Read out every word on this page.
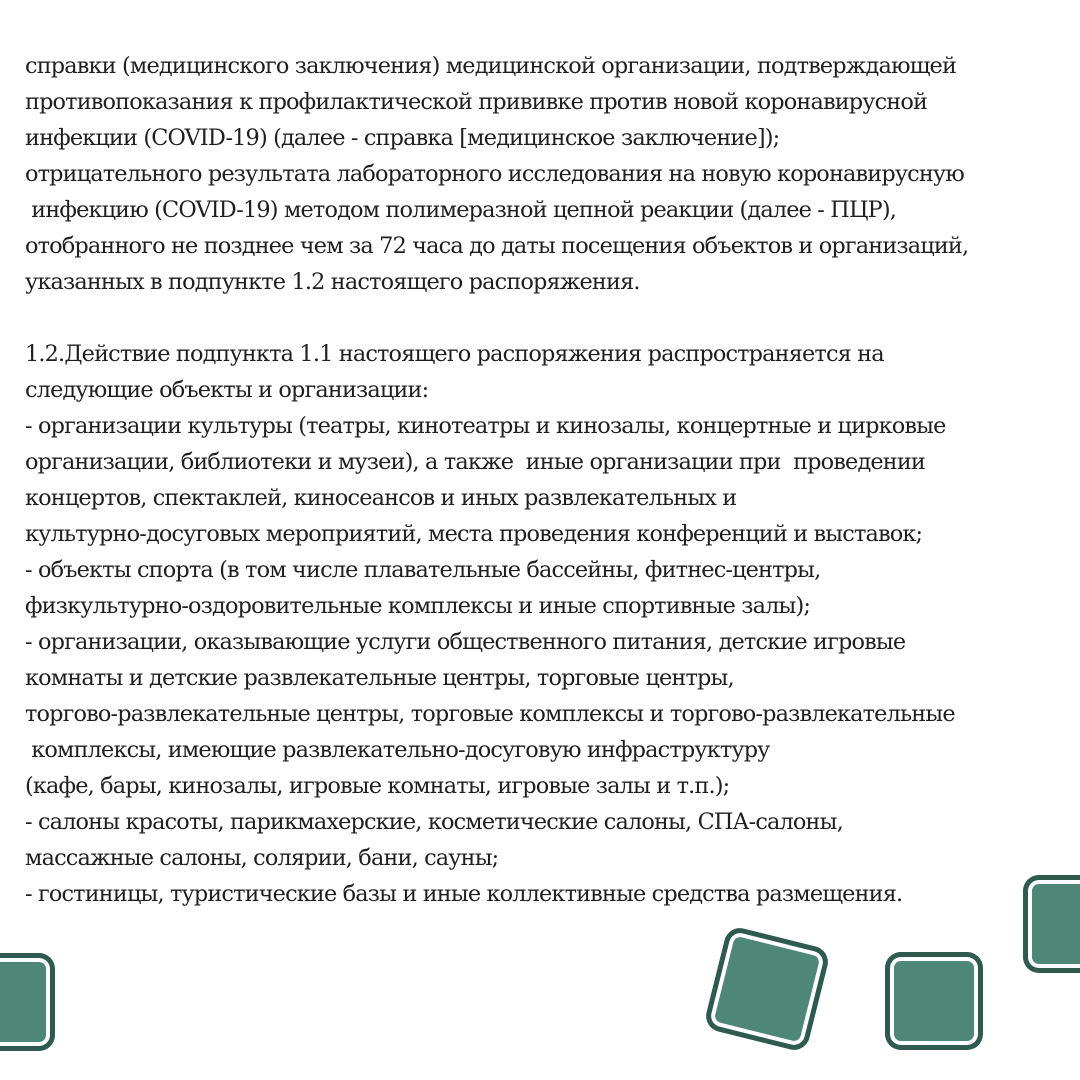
справки (медицинского заключения) медицинской организации, подтверждающей
противопоказания к профилактической прививке против новой коронавирусной
инфекции (COVID-19) (далее - справка [медицинское заключение]);
отрицательного результата лабораторного исследования на новую коронавирусную
инфекцию (COVID-19) методом полимеразной цепной реакции (далее - ПЦР),
отобранного не позднее чем за 72 часа до даты посещения объектов и организаций,
указанных в подпункте 1.2 настоящего распоряжения.
1.2.Действие подпункта 1.1 настоящего распоряжения распространяется на
следующие объекты и организации:
- организации культуры (театры, кинотеатры и кинозалы, концертные и цирковые
организации, библиотеки и музеи), а также  иные организации при  проведении
концертов, спектаклей, киносеансов и иных развлекательных и
культурно-досуговых мероприятий, места проведения конференций и выставок;
- объекты спорта (в том числе плавательные бассейны, фитнес-центры,
физкультурно-оздоровительные комплексы и иные спортивные залы);
- организации, оказывающие услуги общественного питания, детские игровые
комнаты и детские развлекательные центры, торговые центры,
торгово-развлекательные центры, торговые комплексы и торгово-развлекательные
комплексы, имеющие развлекательно-досуговую инфраструктуру
(кафе, бары, кинозалы, игровые комнаты, игровые залы и т.п.);
- салоны красоты, парикмахерские, косметические салоны, СПА-салоны,
массажные салоны, солярии, бани, сауны;
- гостиницы, туристические базы и иные коллективные средства размещения.
